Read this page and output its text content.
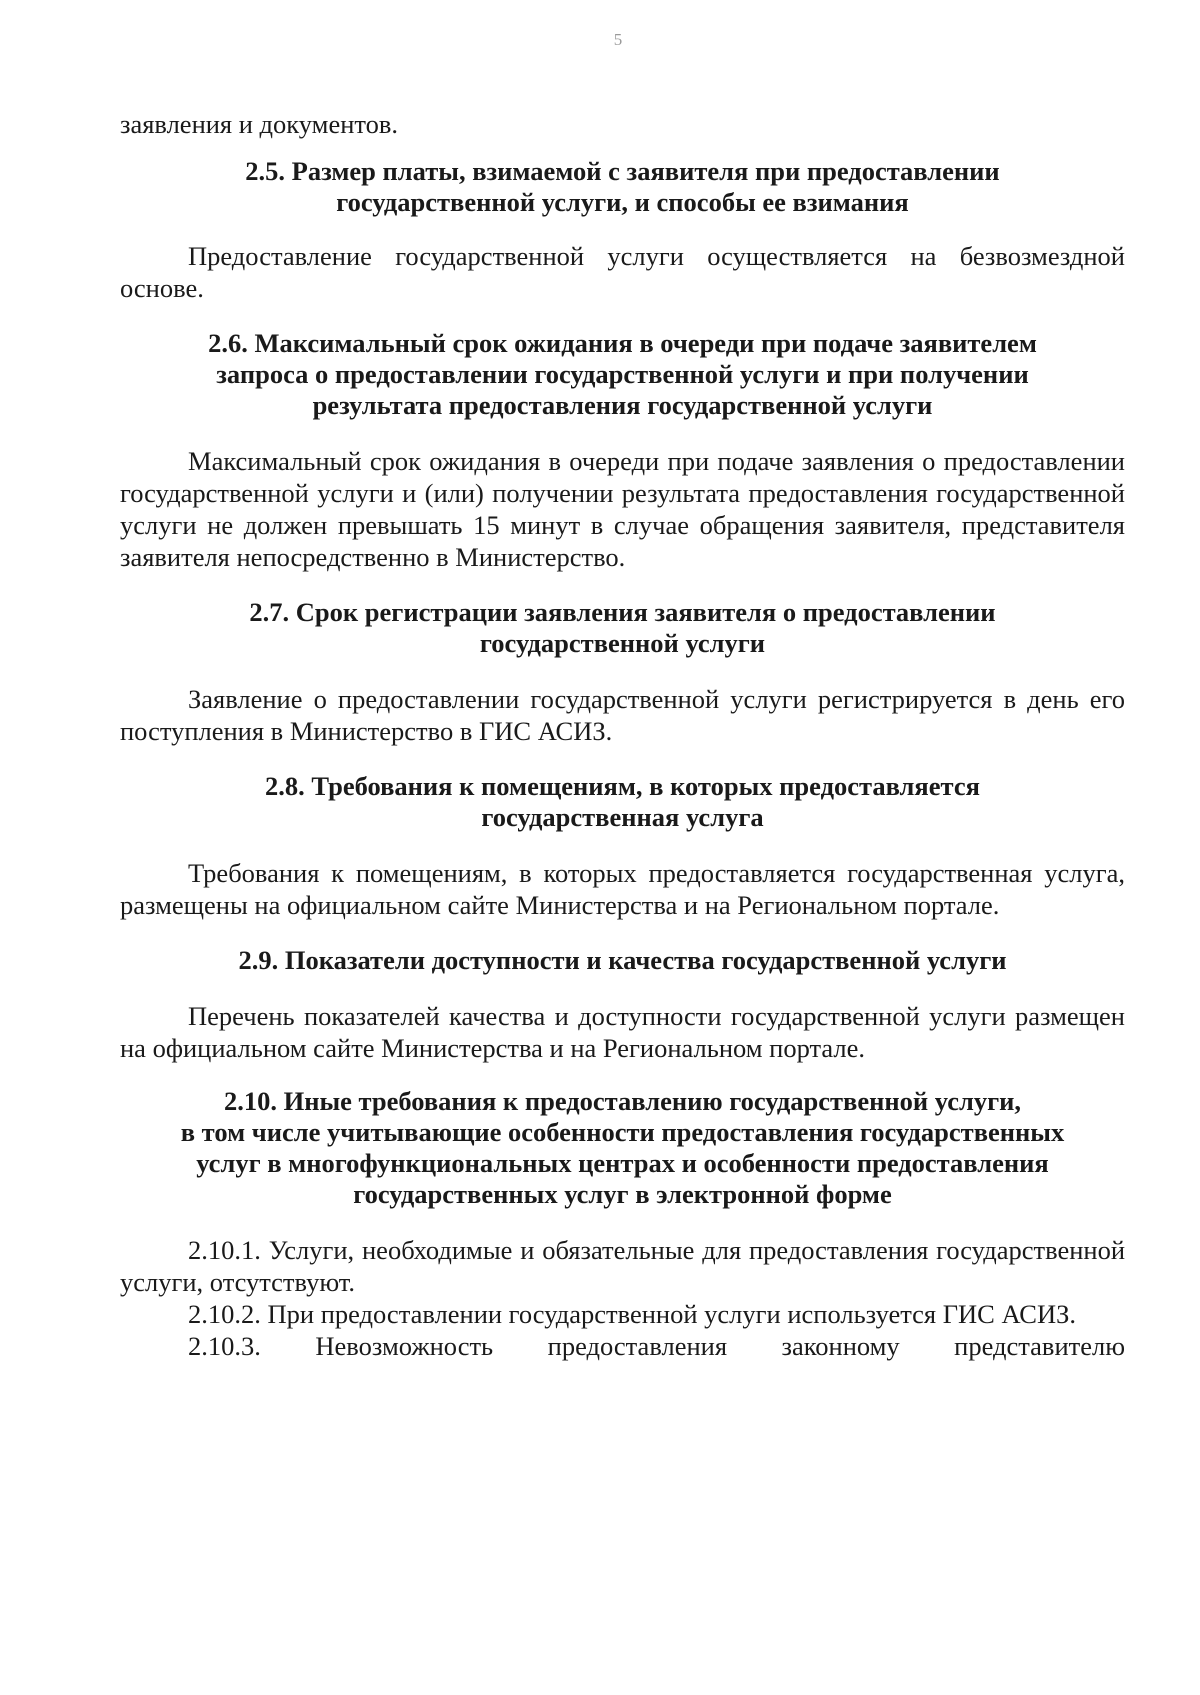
5

заявления и документов.

2.5. Размер платы, взимаемой с заявителя при предоставлении
государственной услуги, и способы ее взимания

Предоставление государственной услуги осуществляется на безвозмездной основе.

2.6. Максимальный срок ожидания в очереди при подаче заявителем
запроса о предоставлении государственной услуги и при получении
результата предоставления государственной услуги

Максимальный срок ожидания в очереди при подаче заявления о предоставлении государственной услуги и (или) получении результата предоставления государственной услуги не должен превышать 15 минут в случае обращения заявителя, представителя заявителя непосредственно в Министерство.

2.7. Срок регистрации заявления заявителя о предоставлении
государственной услуги

Заявление о предоставлении государственной услуги регистрируется в день его поступления в Министерство в ГИС АСИЗ.

2.8. Требования к помещениям, в которых предоставляется
государственная услуга

Требования к помещениям, в которых предоставляется государственная услуга, размещены на официальном сайте Министерства и на Региональном портале.

2.9. Показатели доступности и качества государственной услуги

Перечень показателей качества и доступности государственной услуги размещен на официальном сайте Министерства и на Региональном портале.

2.10. Иные требования к предоставлению государственной услуги,
в том числе учитывающие особенности предоставления государственных
услуг в многофункциональных центрах и особенности предоставления
государственных услуг в электронной форме

2.10.1. Услуги, необходимые и обязательные для предоставления государственной услуги, отсутствуют.

2.10.2. При предоставлении государственной услуги используется ГИС АСИЗ.

2.10.3. Невозможность предоставления законному представителю
